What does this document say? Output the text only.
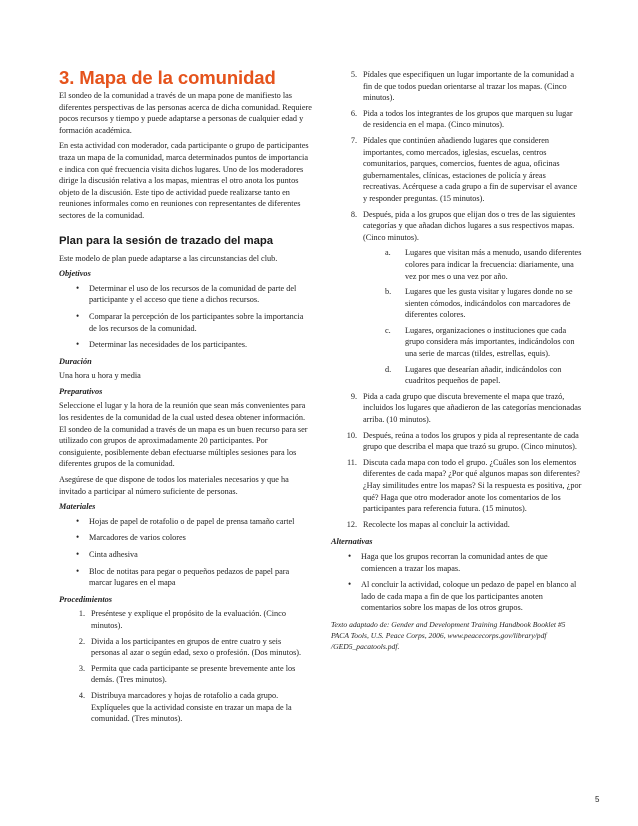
3. Mapa de la comunidad

El sondeo de la comunidad a través de un mapa pone de manifiesto las diferentes perspectivas de las personas acerca de dicha comunidad. Requiere pocos recursos y tiempo y puede adaptarse a personas de cualquier edad y formación académica.

En esta actividad con moderador, cada participante o grupo de participantes traza un mapa de la comunidad, marca determinados puntos de importancia e indica con qué frecuencia visita dichos lugares. Uno de los moderadores dirige la discusión relativa a los mapas, mientras el otro anota los puntos objeto de la discusión. Este tipo de actividad puede realizarse tanto en reuniones informales como en reuniones con representantes de diferentes sectores de la comunidad.

Plan para la sesión de trazado del mapa

Este modelo de plan puede adaptarse a las circunstancias del club.

Objetivos
• Determinar el uso de los recursos de la comunidad de parte del participante y el acceso que tiene a dichos recursos.
• Comparar la percepción de los participantes sobre la importancia de los recursos de la comunidad.
• Determinar las necesidades de los participantes.
Duración

Una hora u hora y media

Preparativos

Seleccione el lugar y la hora de la reunión que sean más convenientes para los residentes de la comunidad de la cual usted desea obtener información. El sondeo de la comunidad a través de un mapa es un buen recurso para ser utilizado con grupos de aproximadamente 20 participantes. Por consiguiente, posiblemente deban efectuarse múltiples sesiones para los diferentes grupos de la comunidad.

Asegúrese de que dispone de todos los materiales necesarios y que ha invitado a participar al número suficiente de personas.

Materiales
• Hojas de papel de rotafolio o de papel de prensa tamaño cartel
• Marcadores de varios colores
• Cinta adhesiva
• Bloc de notitas para pegar o pequeños pedazos de papel para marcar lugares en el mapa
Procedimientos
1. Preséntese y explique el propósito de la evaluación. (Cinco minutos).
2. Divida a los participantes en grupos de entre cuatro y seis personas al azar o según edad, sexo o profesión. (Dos minutos).
3. Permita que cada participante se presente brevemente ante los demás. (Tres minutos).
4. Distribuya marcadores y hojas de rotafolio a cada grupo. Explíqueles que la actividad consiste en trazar un mapa de la comunidad. (Tres minutos).
5. Pídales que especifiquen un lugar importante de la comunidad a fin de que todos puedan orientarse al trazar los mapas. (Cinco minutos).
6. Pida a todos los integrantes de los grupos que marquen su lugar de residencia en el mapa. (Cinco minutos).
7. Pídales que continúen añadiendo lugares que consideren importantes, como mercados, iglesias, escuelas, centros comunitarios, parques, comercios, fuentes de agua, oficinas gubernamentales, clínicas, estaciones de policía y áreas recreativas. Acérquese a cada grupo a fin de supervisar el avance y responder preguntas. (15 minutos).
8. Después, pida a los grupos que elijan dos o tres de las siguientes categorías y que añadan dichos lugares a sus respectivos mapas. (Cinco minutos).
a.	Lugares que visitan más a menudo, usando diferentes colores para indicar la frecuencia: diariamente, una vez por mes o una vez por año.
b.	Lugares que les gusta visitar y lugares donde no se sienten cómodos, indicándolos con marcadores de diferentes colores.
c.	Lugares, organizaciones o instituciones que cada grupo considera más importantes, indicándolos con una serie de marcas (tildes, estrellas, equis).
d.	Lugares que desearían añadir, indicándolos con cuadritos pequeños de papel.
9. Pida a cada grupo que discuta brevemente el mapa que trazó, incluidos los lugares que añadieron de las categorías mencionadas arriba. (10 minutos).
10. Después, reúna a todos los grupos y pida al representante de cada grupo que describa el mapa que trazó su grupo. (Cinco minutos).
11. Discuta cada mapa con todo el grupo. ¿Cuáles son los elementos diferentes de cada mapa? ¿Por qué algunos mapas son diferentes? ¿Hay similitudes entre los mapas? Si la respuesta es positiva, ¿por qué? Haga que otro moderador anote los comentarios de los participantes para referencia futura. (15 minutos).
12. Recolecte los mapas al concluir la actividad.
Alternativas
• Haga que los grupos recorran la comunidad antes de que comiencen a trazar los mapas.
• Al concluir la actividad, coloque un pedazo de papel en blanco al lado de cada mapa a fin de que los participantes anoten comentarios sobre los mapas de los otros grupos.

Texto adaptado de: Gender and Development Training Handbook Booklet #5 PACA Tools, U.S. Peace Corps, 2006, www.peacecorps.gov/library/pdf /GED5_pacatools.pdf.

5
